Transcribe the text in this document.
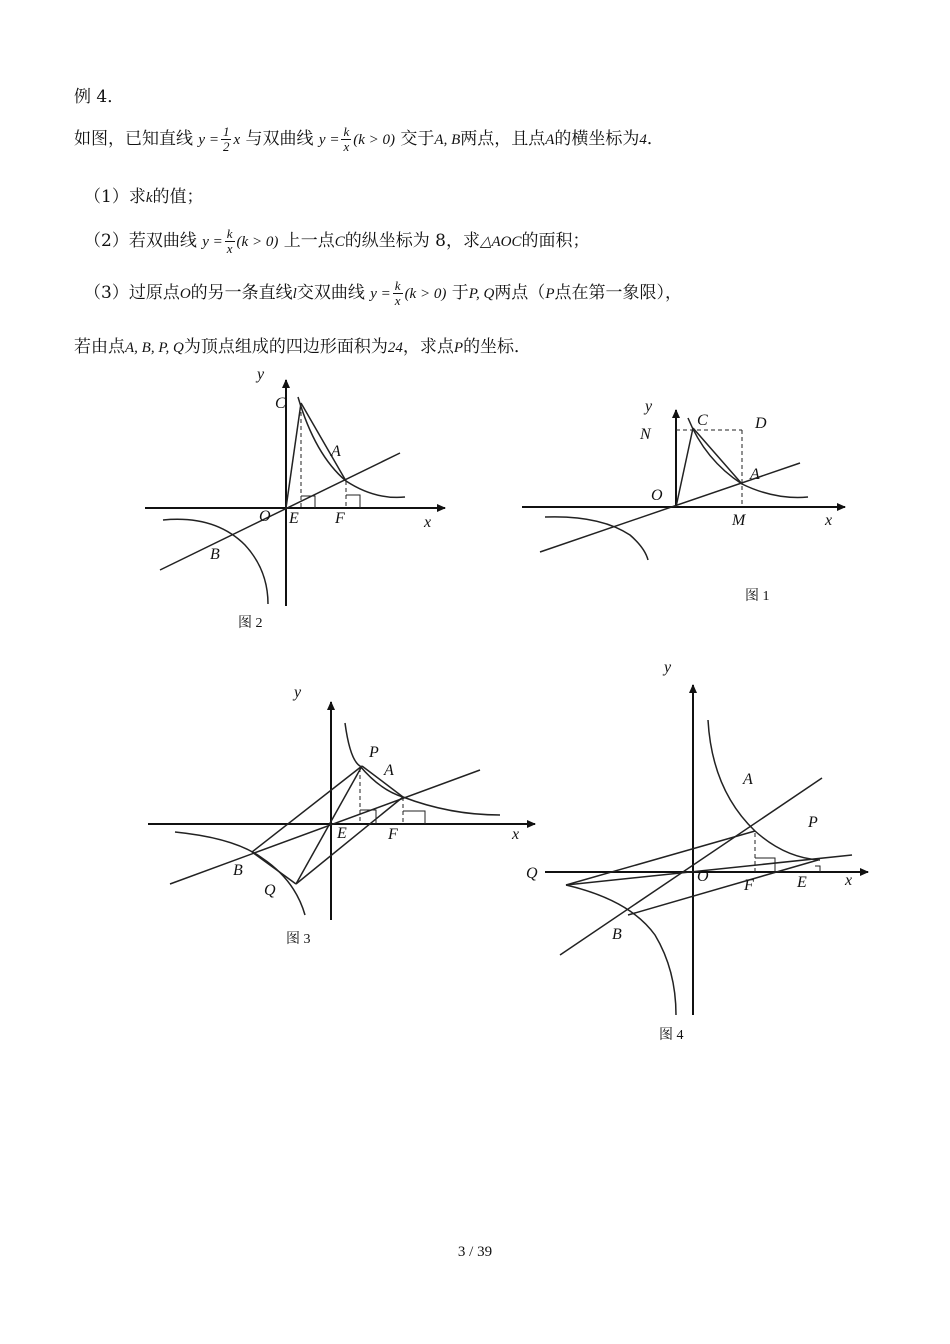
例 4．
如图，已知直线 $y = \frac{1}{2}$ x 与双曲线 $y = \frac{k}{x} (k > 0)$ 交于A, B两点，且点A的横坐标为4．
（1）求k的值；
（2）若双曲线 $y = \frac{k}{x} (k > 0)$ 上一点C的纵坐标为 8，求△AOC的面积；
（3）过原点O的另一条直线l交双曲线 $y = \frac{k}{x} (k > 0)$ 于P, Q两点（P点在第一象限），
若由点A, B, P, Q为顶点组成的四边形面积为24，求点P的坐标．
y
C
A
O E F	x
B
图 2
y
N
C	D
A
O
M	x
图 1
y
P
A
E	F	x
B
Q
图 3
y
A
P
Q	O
F	E x
B
图 4
3 / 39
